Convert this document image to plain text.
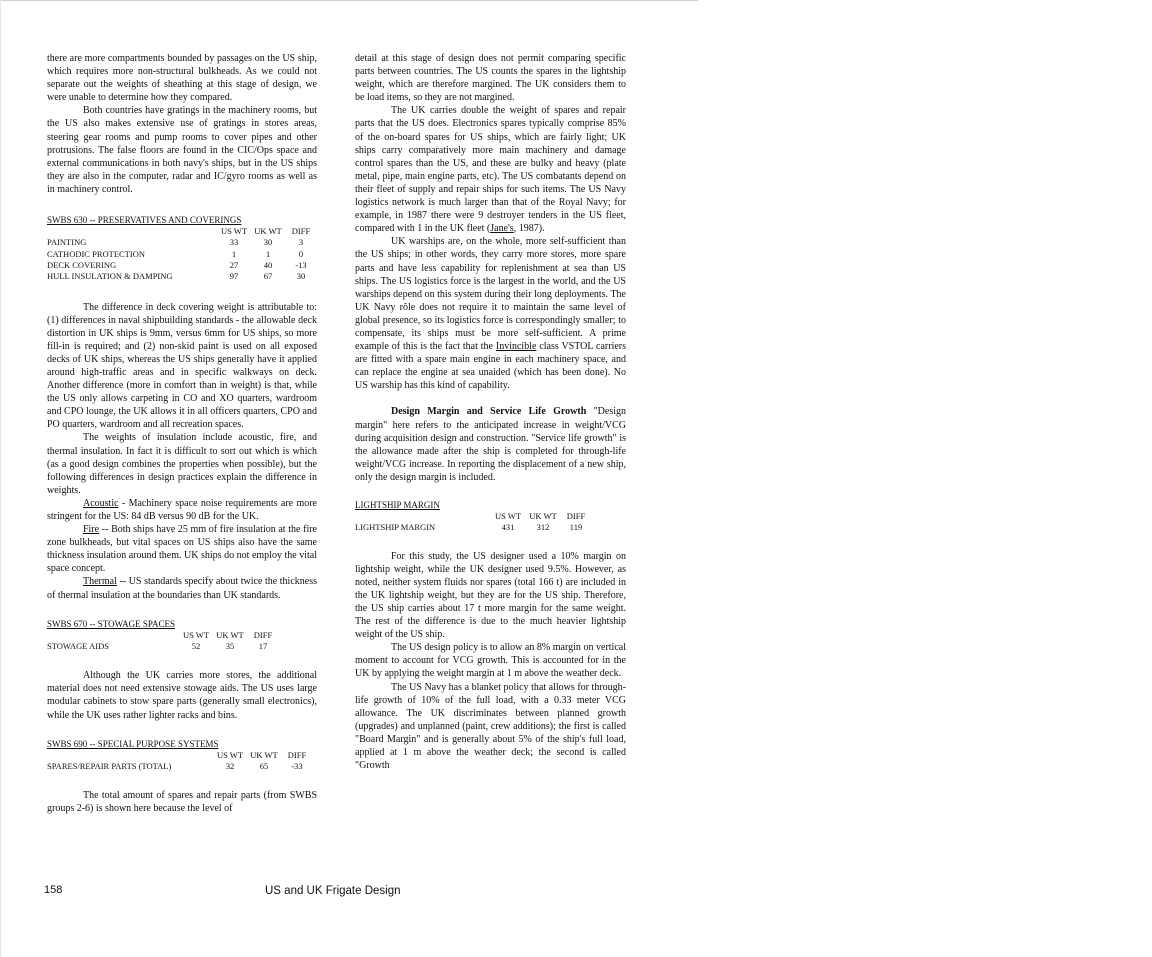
there are more compartments bounded by passages on the US ship, which requires more non-structural bulkheads. As we could not separate out the weights of sheathing at this stage of design, we were unable to determine how they compared.

Both countries have gratings in the machinery rooms, but the US also makes extensive use of gratings in stores areas, steering gear rooms and pump rooms to cover pipes and other protrusions. The false floors are found in the CIC/Ops space and external communications in both navy's ships, but in the US ships they are also in the computer, radar and IC/gyro rooms as well as in machinery control.

SWBS 630 -- PRESERVATIVES AND COVERINGS

	US WT	UK WT	DIFF
PAINTING	33	30	3
CATHODIC PROTECTION	1	1	0
DECK COVERING	27	40	-13
HULL INSULATION & DAMPING	97	67	30

The difference in deck covering weight is attributable to: (1) differences in naval shipbuilding standards - the allowable deck distortion in UK ships is 9mm, versus 6mm for US ships, so more fill-in is required; and (2) non-skid paint is used on all exposed decks of UK ships, whereas the US ships generally have it applied around high-traffic areas and in specific walkways on deck. Another difference (more in comfort than in weight) is that, while the US only allows carpeting in CO and XO quarters, wardroom and CPO lounge, the UK allows it in all officers quarters, CPO and PO quarters, wardroom and all recreation spaces.

The weights of insulation include acoustic, fire, and thermal insulation. In fact it is difficult to sort out which is which (as a good design combines the properties when possible), but the following differences in design practices explain the difference in weights.

Acoustic - Machinery space noise requirements are more stringent for the US: 84 dB versus 90 dB for the UK.

Fire -- Both ships have 25 mm of fire insulation at the fire zone bulkheads, but vital spaces on US ships also have the same thickness insulation around them. UK ships do not employ the vital space concept.

Thermal -- US standards specify about twice the thickness of thermal insulation at the boundaries than UK standards.

SWBS 670 -- STOWAGE SPACES

	US WT	UK WT	DIFF
STOWAGE AIDS	52	35	17

Although the UK carries more stores, the additional material does not need extensive stowage aids. The US uses large modular cabinets to stow spare parts (generally small electronics), while the UK uses rather lighter racks and bins.

SWBS 690 -- SPECIAL PURPOSE SYSTEMS

	US WT	UK WT	DIFF
SPARES/REPAIR PARTS (TOTAL)	32	65	-33

The total amount of spares and repair parts (from SWBS groups 2-6) is shown here because the level of

detail at this stage of design does not permit comparing specific parts between countries. The US counts the spares in the lightship weight, which are therefore margined. The UK considers them to be load items, so they are not margined.

The UK carries double the weight of spares and repair parts that the US does. Electronics spares typically comprise 85% of the on-board spares for US ships, which are fairly light; UK ships carry comparatively more main machinery and damage control spares than the US, and these are bulky and heavy (plate metal, pipe, main engine parts, etc). The US combatants depend on their fleet of supply and repair ships for such items. The US Navy logistics network is much larger than that of the Royal Navy; for example, in 1987 there were 9 destroyer tenders in the US fleet, compared with 1 in the UK fleet (Jane's, 1987).

UK warships are, on the whole, more self-sufficient than the US ships; in other words, they carry more stores, more spare parts and have less capability for replenishment at sea than US ships. The US logistics force is the largest in the world, and the US warships depend on this system during their long deployments. The UK Navy rôle does not require it to maintain the same level of global presence, so its logistics force is correspondingly smaller; to compensate, its ships must be more self-sufficient. A prime example of this is the fact that the Invincible class VSTOL carriers are fitted with a spare main engine in each machinery space, and can replace the engine at sea unaided (which has been done). No US warship has this kind of capability.

Design Margin and Service Life Growth "Design margin" here refers to the anticipated increase in weight/VCG during acquisition design and construction. "Service life growth" is the allowance made after the ship is completed for through-life weight/VCG increase. In reporting the displacement of a new ship, only the design margin is included.

LIGHTSHIP MARGIN

	US WT	UK WT	DIFF
LIGHTSHIP MARGIN	431	312	119

For this study, the US designer used a 10% margin on lightship weight, while the UK designer used 9.5%. However, as noted, neither system fluids nor spares (total 166 t) are included in the UK lightship weight, but they are for the US ship. Therefore, the US ship carries about 17 t more margin for the same weight. The rest of the difference is due to the much heavier lightship weight of the US ship.

The US design policy is to allow an 8% margin on vertical moment to account for VCG growth. This is accounted for in the UK by applying the weight margin at 1 m above the weather deck.

The US Navy has a blanket policy that allows for through-life growth of 10% of the full load, with a 0.33 meter VCG allowance. The UK discriminates between planned growth (upgrades) and unplanned (paint, crew additions); the first is called "Board Margin" and is generally about 5% of the ship's full load, applied at 1 m above the weather deck; the second is called "Growth

158	US and UK Frigate Design
